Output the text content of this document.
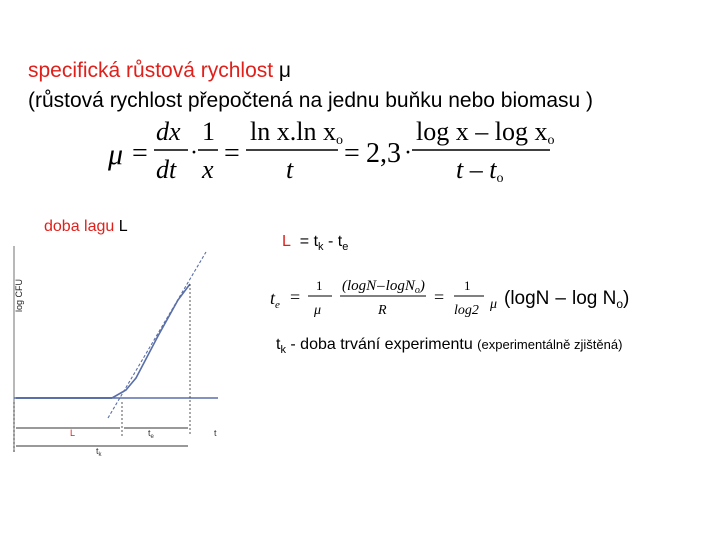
specifická růstová rychlost μ
(růstová rychlost přepočtená na jednu buňku nebo biomasu )
μ =
dx
dt
·
1
x
=
ln x.ln xo
t
= 2,3 ·
log x – log xo
t – to
doba lagu L
$L = t_k - t_e$
$t_e$ =
1
μ
(logN–logN$_o$)
R
=
1
log2 μ $(\log N - \log N_o)$
$t_k$ - doba trvání experimentu (experimentálně zjištěná)
log CFU
L	$t_e$	t
$t_k$
